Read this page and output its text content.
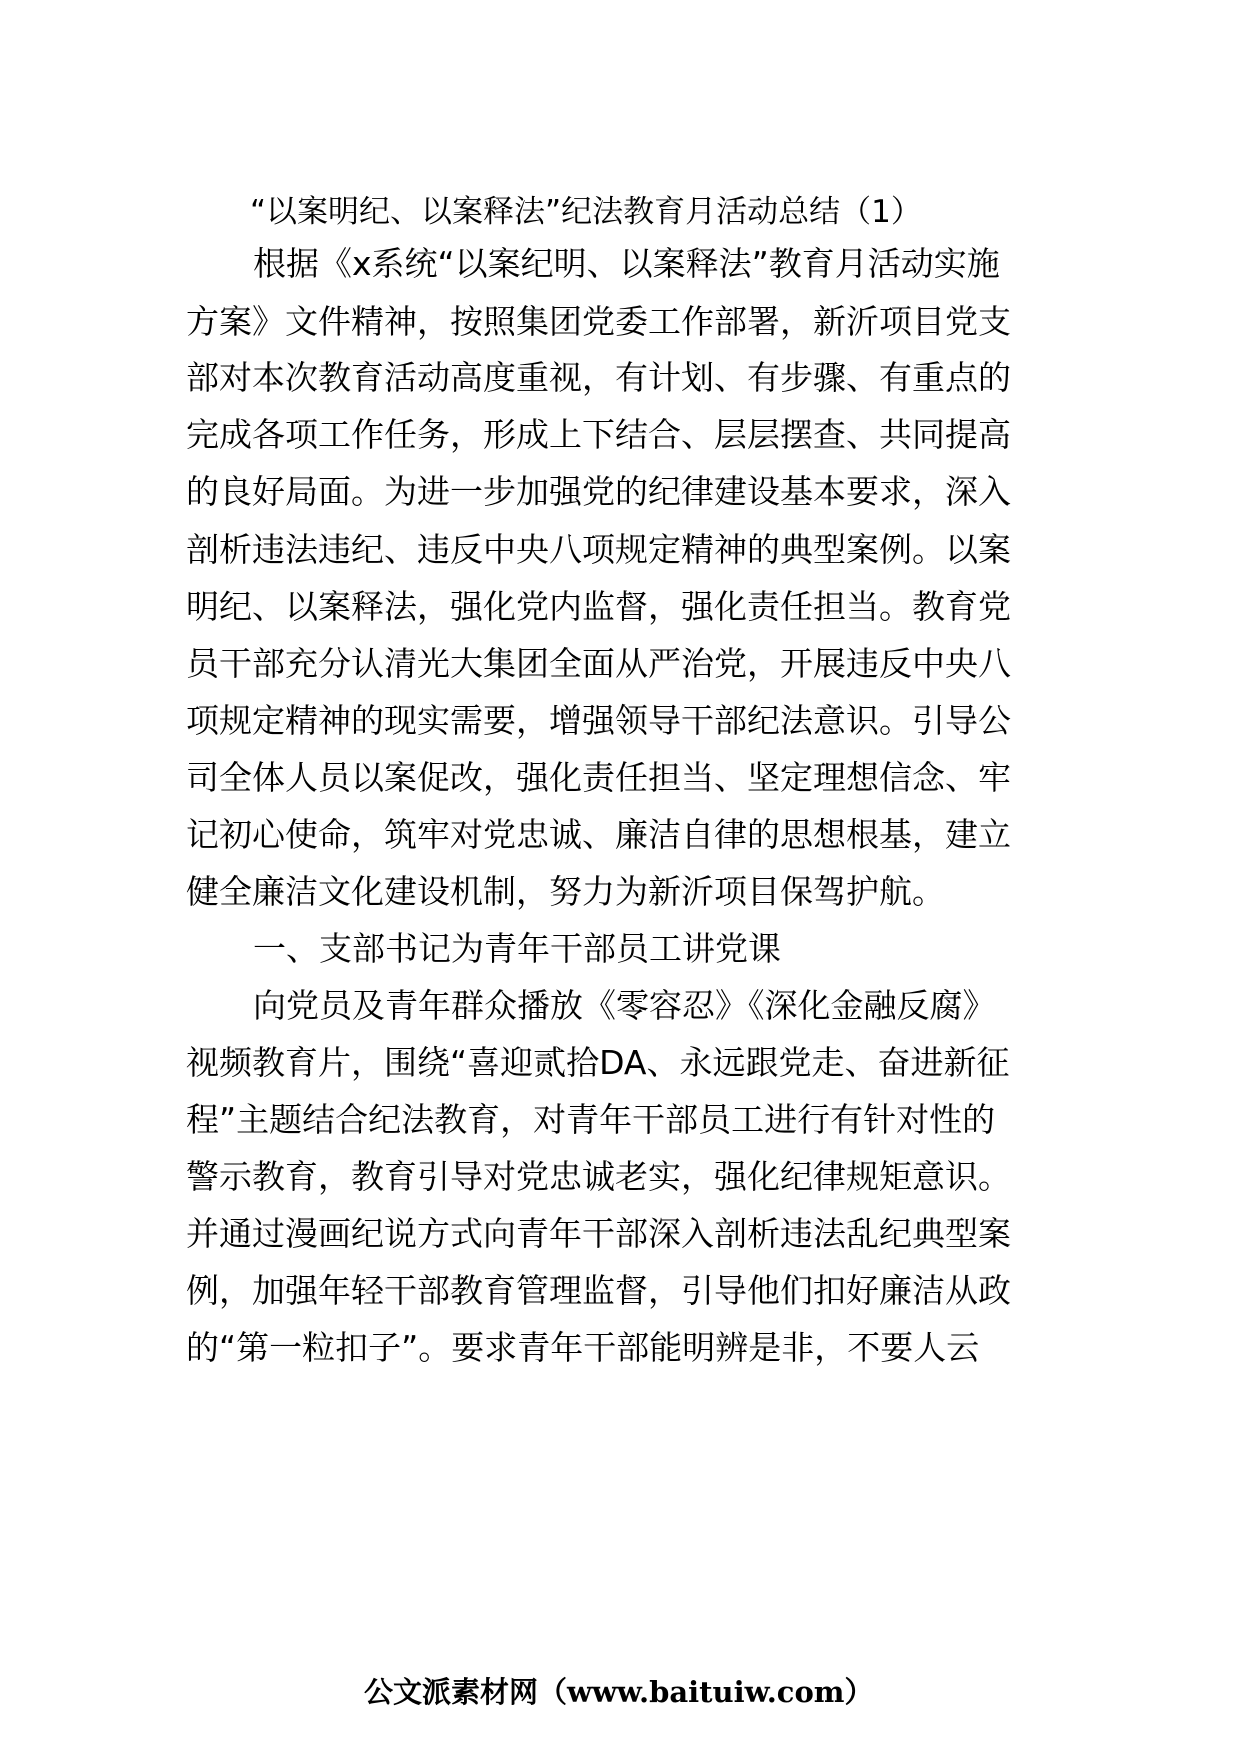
“以案明纪、以案释法”纪法教育月活动总结（1）
根据《x系统“以案纪明、以案释法”教育月活动实施
方案》文件精神，按照集团党委工作部署，新沂项目党支
部对本次教育活动高度重视，有计划、有步骤、有重点的
完成各项工作任务，形成上下结合、层层摆查、共同提高
的良好局面。为进一步加强党的纪律建设基本要求，深入
剖析违法违纪、违反中央八项规定精神的典型案例。以案
明纪、以案释法，强化党内监督，强化责任担当。教育党
员干部充分认清光大集团全面从严治党，开展违反中央八
项规定精神的现实需要，增强领导干部纪法意识。引导公
司全体人员以案促改，强化责任担当、坚定理想信念、牢
记初心使命，筑牢对党忠诚、廉洁自律的思想根基，建立
健全廉洁文化建设机制，努力为新沂项目保驾护航。
一、支部书记为青年干部员工讲党课
向党员及青年群众播放《零容忍》《深化金融反腐》
视频教育片，围绕“喜迎贰拾DA、永远跟党走、奋进新征
程”主题结合纪法教育，对青年干部员工进行有针对性的
警示教育，教育引导对党忠诚老实，强化纪律规矩意识。
并通过漫画纪说方式向青年干部深入剖析违法乱纪典型案
例，加强年轻干部教育管理监督，引导他们扣好廉洁从政
的“第一粒扣子”。要求青年干部能明辨是非，不要人云
公文派素材网（www.baituiw.com）
